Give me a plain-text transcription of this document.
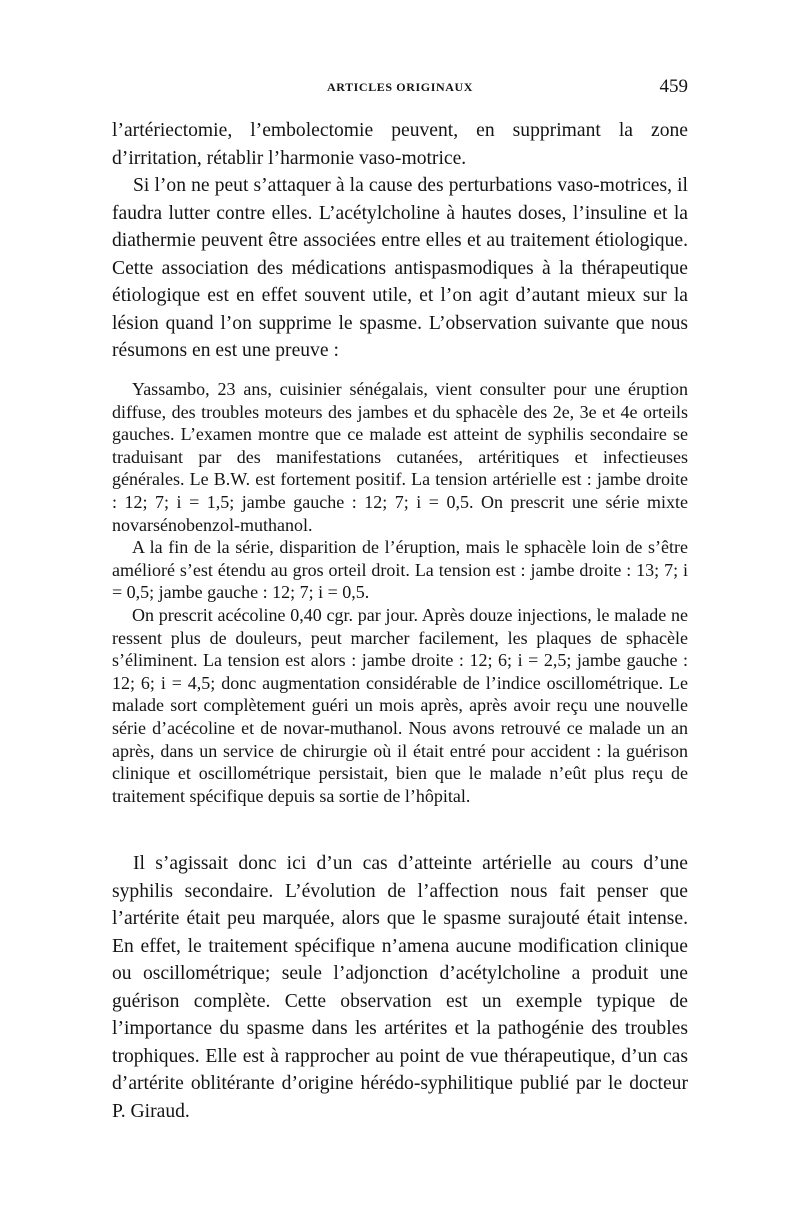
ARTICLES ORIGINAUX	459

l’artériectomie, l’embolectomie peuvent, en supprimant la zone d’irritation, rétablir l’harmonie vaso-motrice.

Si l’on ne peut s’attaquer à la cause des perturbations vaso-motrices, il faudra lutter contre elles. L’acétylcholine à hautes doses, l’insuline et la diathermie peuvent être associées entre elles et au traitement étiologique. Cette association des médications antispasmodiques à la thérapeutique étiologique est en effet souvent utile, et l’on agit d’autant mieux sur la lésion quand l’on supprime le spasme. L’observation suivante que nous résumons en est une preuve :

Yassambo, 23 ans, cuisinier sénégalais, vient consulter pour une éruption diffuse, des troubles moteurs des jambes et du sphacèle des 2e, 3e et 4e orteils gauches. L’examen montre que ce malade est atteint de syphilis secondaire se traduisant par des manifestations cutanées, artéritiques et infectieuses générales. Le B.W. est fortement positif. La tension artérielle est : jambe droite : 12; 7; i = 1,5; jambe gauche : 12; 7; i = 0,5. On prescrit une série mixte novarsénobenzol-muthanol.

A la fin de la série, disparition de l’éruption, mais le sphacèle loin de s’être amélioré s’est étendu au gros orteil droit. La tension est : jambe droite : 13; 7; i = 0,5; jambe gauche : 12; 7; i = 0,5.

On prescrit acécoline 0,40 cgr. par jour. Après douze injections, le malade ne ressent plus de douleurs, peut marcher facilement, les plaques de sphacèle s’éliminent. La tension est alors : jambe droite : 12; 6; i = 2,5; jambe gauche : 12; 6; i = 4,5; donc augmentation considérable de l’indice oscillométrique. Le malade sort complètement guéri un mois après, après avoir reçu une nouvelle série d’acécoline et de novar-muthanol. Nous avons retrouvé ce malade un an après, dans un service de chirurgie où il était entré pour accident : la guérison clinique et oscillométrique persistait, bien que le malade n’eût plus reçu de traitement spécifique depuis sa sortie de l’hôpital.

Il s’agissait donc ici d’un cas d’atteinte artérielle au cours d’une syphilis secondaire. L’évolution de l’affection nous fait penser que l’artérite était peu marquée, alors que le spasme surajouté était intense. En effet, le traitement spécifique n’amena aucune modification clinique ou oscillométrique; seule l’adjonction d’acétylcholine a produit une guérison complète. Cette observation est un exemple typique de l’importance du spasme dans les artérites et la pathogénie des troubles trophiques. Elle est à rapprocher au point de vue thérapeutique, d’un cas d’artérite oblitérante d’origine hérédo-syphilitique publié par le docteur P. Giraud.
